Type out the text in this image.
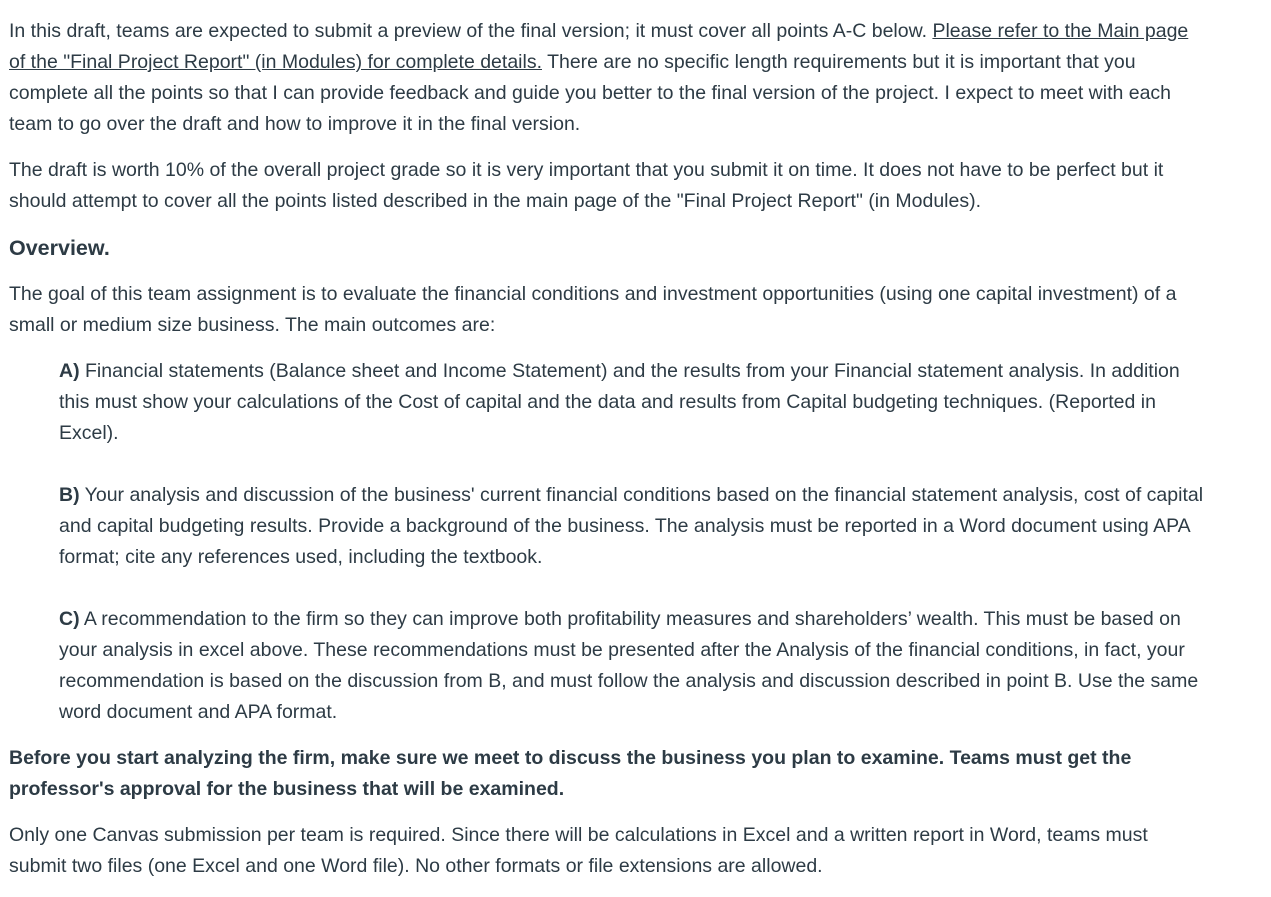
In this draft, teams are expected to submit a preview of the final version; it must cover all points A-C below. Please refer to the Main page of the "Final Project Report" (in Modules) for complete details. There are no specific length requirements but it is important that you complete all the points so that I can provide feedback and guide you better to the final version of the project. I expect to meet with each team to go over the draft and how to improve it in the final version.

The draft is worth 10% of the overall project grade so it is very important that you submit it on time. It does not have to be perfect but it should attempt to cover all the points listed described in the main page of the "Final Project Report" (in Modules).

Overview.

The goal of this team assignment is to evaluate the financial conditions and investment opportunities (using one capital investment) of a small or medium size business. The main outcomes are:

A) Financial statements (Balance sheet and Income Statement) and the results from your Financial statement analysis. In addition this must show your calculations of the Cost of capital and the data and results from Capital budgeting techniques. (Reported in Excel).

B) Your analysis and discussion of the business' current financial conditions based on the financial statement analysis, cost of capital and capital budgeting results. Provide a background of the business. The analysis must be reported in a Word document using APA format; cite any references used, including the textbook.

C) A recommendation to the firm so they can improve both profitability measures and shareholders’ wealth. This must be based on your analysis in excel above. These recommendations must be presented after the Analysis of the financial conditions, in fact, your recommendation is based on the discussion from B, and must follow the analysis and discussion described in point B. Use the same word document and APA format.

Before you start analyzing the firm, make sure we meet to discuss the business you plan to examine. Teams must get the professor's approval for the business that will be examined.

Only one Canvas submission per team is required. Since there will be calculations in Excel and a written report in Word, teams must submit two files (one Excel and one Word file). No other formats or file extensions are allowed.
